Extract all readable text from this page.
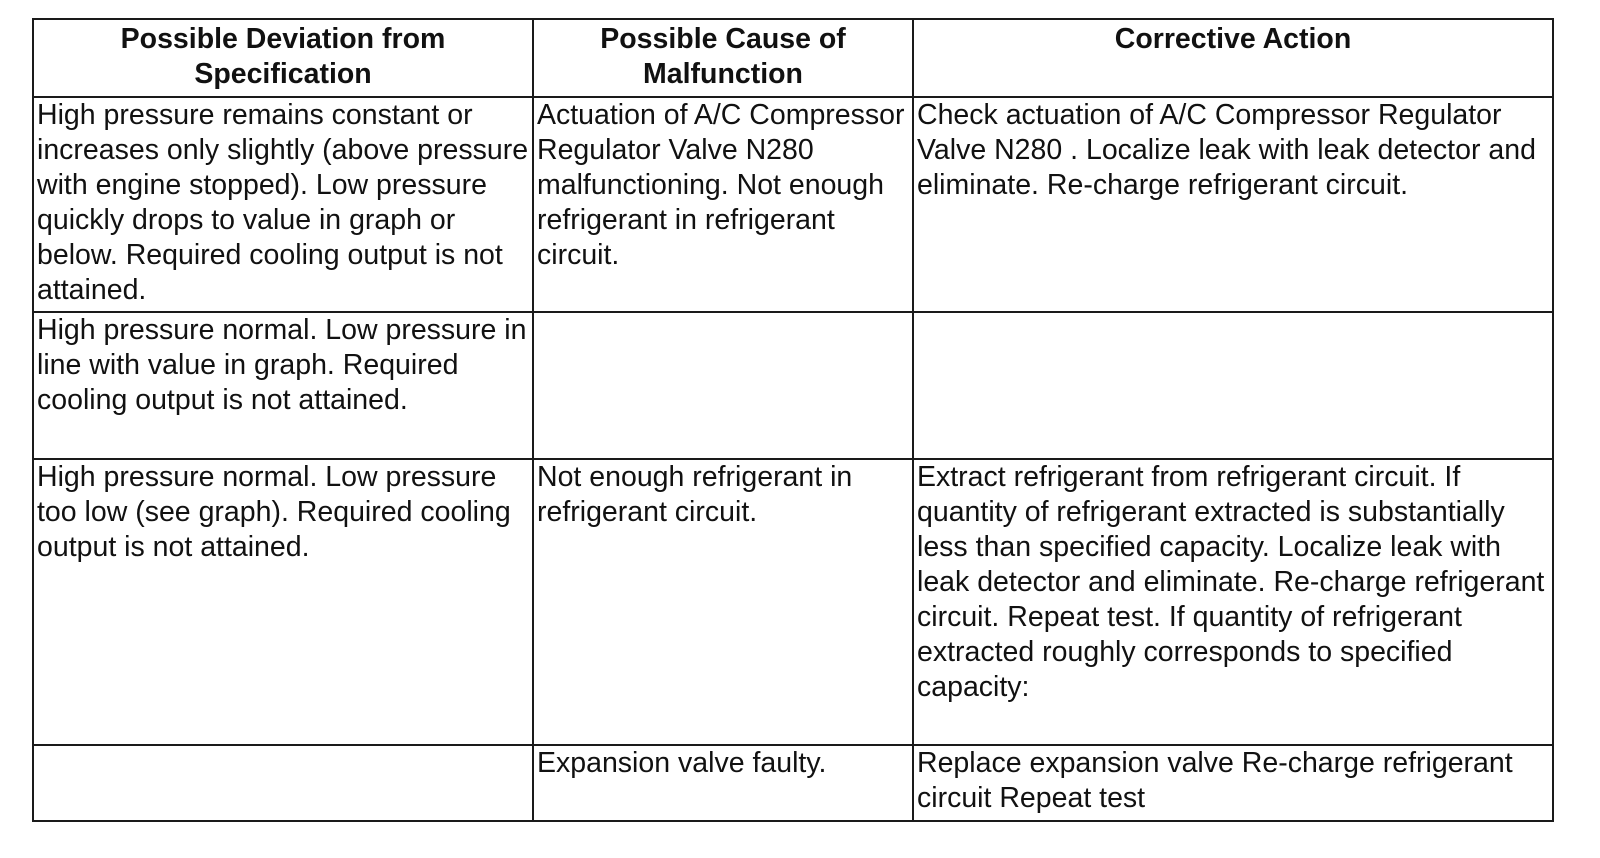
Possible Deviation from Specification	Possible Cause of Malfunction	Corrective Action
High pressure remains constant or increases only slightly (above pressure with engine stopped). Low pressure quickly drops to value in graph or below. Required cooling output is not attained.	Actuation of A/C Compressor Regulator Valve N280 malfunctioning. Not enough refrigerant in refrigerant circuit.	Check actuation of A/C Compressor Regulator Valve N280 . Localize leak with leak detector and eliminate. Re-charge refrigerant circuit.
High pressure normal. Low pressure in line with value in graph. Required cooling output is not attained.		
High pressure normal. Low pressure too low (see graph). Required cooling output is not attained.	Not enough refrigerant in refrigerant circuit.	Extract refrigerant from refrigerant circuit. If quantity of refrigerant extracted is substantially less than specified capacity. Localize leak with leak detector and eliminate. Re-charge refrigerant circuit. Repeat test. If quantity of refrigerant extracted roughly corresponds to specified capacity:
	Expansion valve faulty.	Replace expansion valve Re-charge refrigerant circuit Repeat test
